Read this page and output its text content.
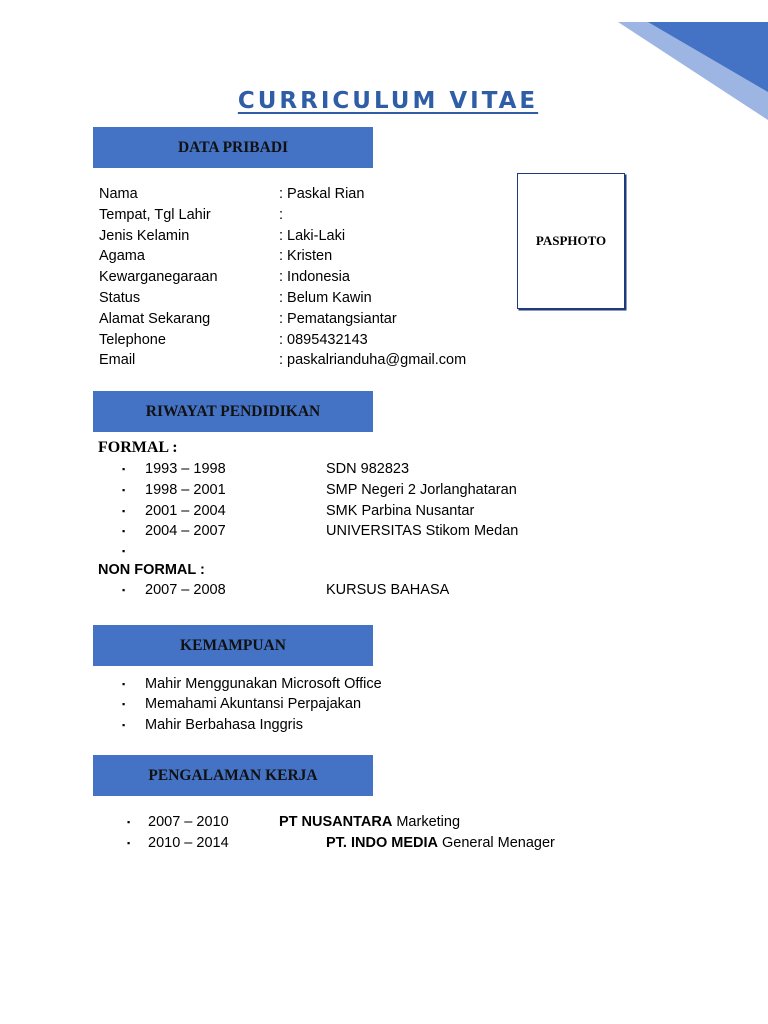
CURRICULUM VITAE
DATA PRIBADI
Nama	: Paskal Rian
Tempat, Tgl Lahir	:
Jenis Kelamin	: Laki-Laki
Agama	: Kristen
Kewarganegaraan	: Indonesia
Status	: Belum Kawin
Alamat Sekarang	: Pematangsiantar
Telephone	: 0895432143
Email	: paskalrianduha@gmail.com
PASPHOTO
RIWAYAT PENDIDIKAN
FORMAL :
▪ 1993 – 1998	SDN 982823
▪ 1998 – 2001	SMP Negeri 2 Jorlanghataran
▪ 2001 – 2004	SMK Parbina Nusantar
▪ 2004 – 2007	UNIVERSITAS Stikom Medan
▪
NON FORMAL :
▪ 2007 – 2008	KURSUS BAHASA
KEMAMPUAN
▪ Mahir Menggunakan Microsoft Office
▪ Memahami Akuntansi Perpajakan
▪ Mahir Berbahasa Inggris
PENGALAMAN KERJA
▪ 2007 – 2010	PT NUSANTARA Marketing
▪ 2010 – 2014	PT. INDO MEDIA General Menager
